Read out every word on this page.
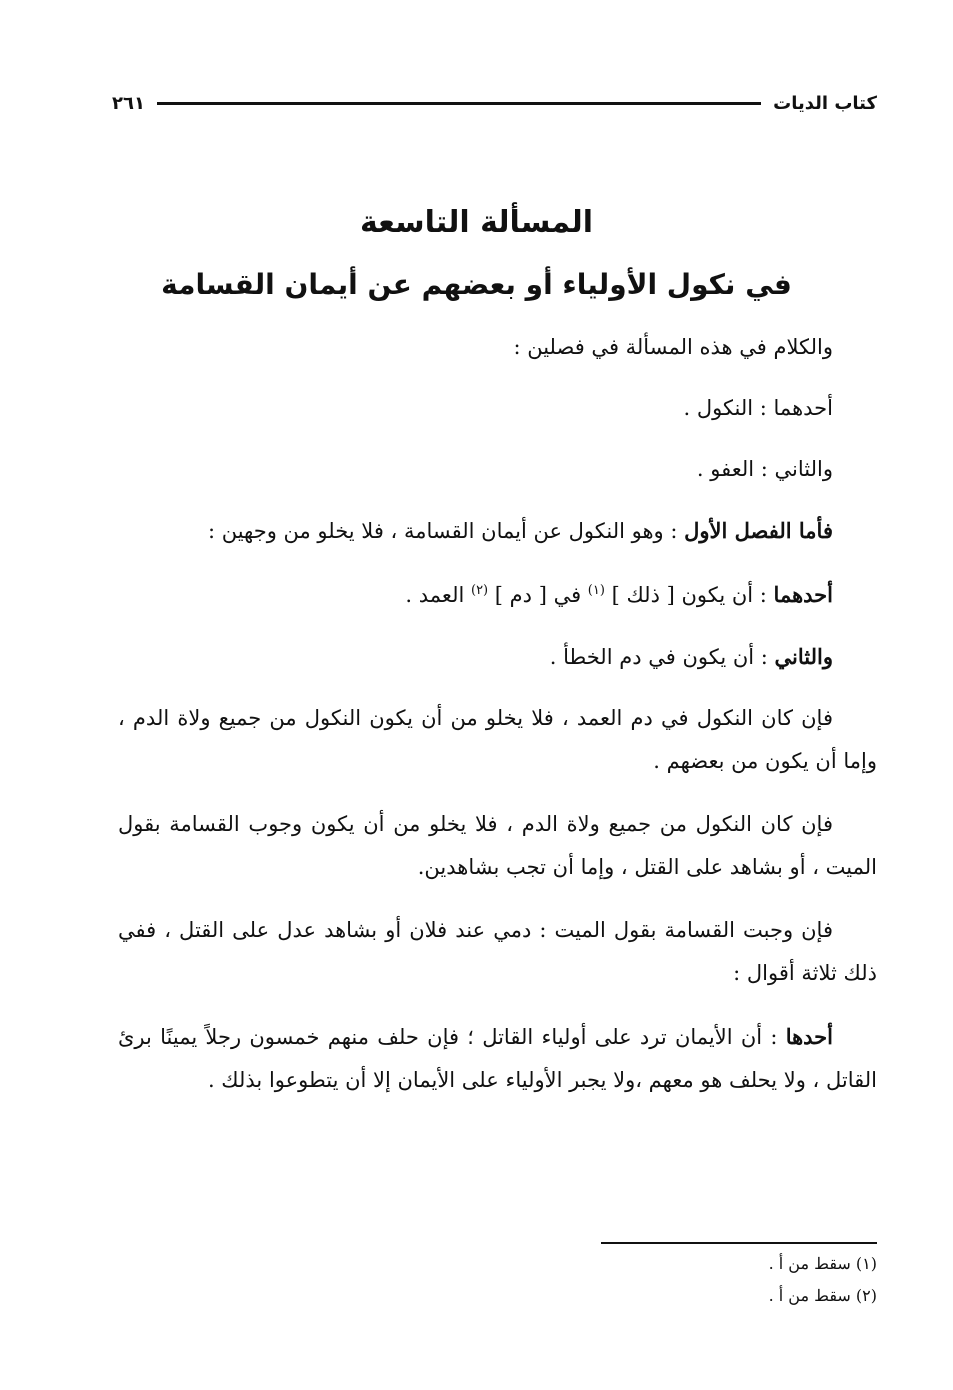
كتاب الديات
٢٦١
المسألة التاسعة
في نكول الأولياء أو بعضهم عن أيمان القسامة

والكلام في هذه المسألة في فصلين :

أحدهما : النكول .

والثاني : العفو .

فأما الفصل الأول : وهو النكول عن أيمان القسامة ، فلا يخلو من وجهين :

أحدهما : أن يكون [ ذلك ] $^{(١)}$ في [ دم ] $^{(٢)}$ العمد .

والثاني : أن يكون في دم الخطأ .

فإن كان النكول في دم العمد ، فلا يخلو من أن يكون النكول من جميع ولاة الدم ، وإما أن يكون من بعضهم .

فإن كان النكول من جميع ولاة الدم ، فلا يخلو من أن يكون وجوب القسامة بقول الميت ، أو بشاهد على القتل ، وإما أن تجب بشاهدين.

فإن وجبت القسامة بقول الميت : دمي عند فلان أو بشاهد عدل على القتل ، ففي ذلك ثلاثة أقوال :

أحدها : أن الأيمان ترد على أولياء القاتل ؛ فإن حلف منهم خمسون رجلاً يمينًا برئ القاتل ، ولا يحلف هو معهم ،ولا يجبر الأولياء على الأيمان إلا أن يتطوعوا بذلك .

(١) سقط من أ .
(٢) سقط من أ .
